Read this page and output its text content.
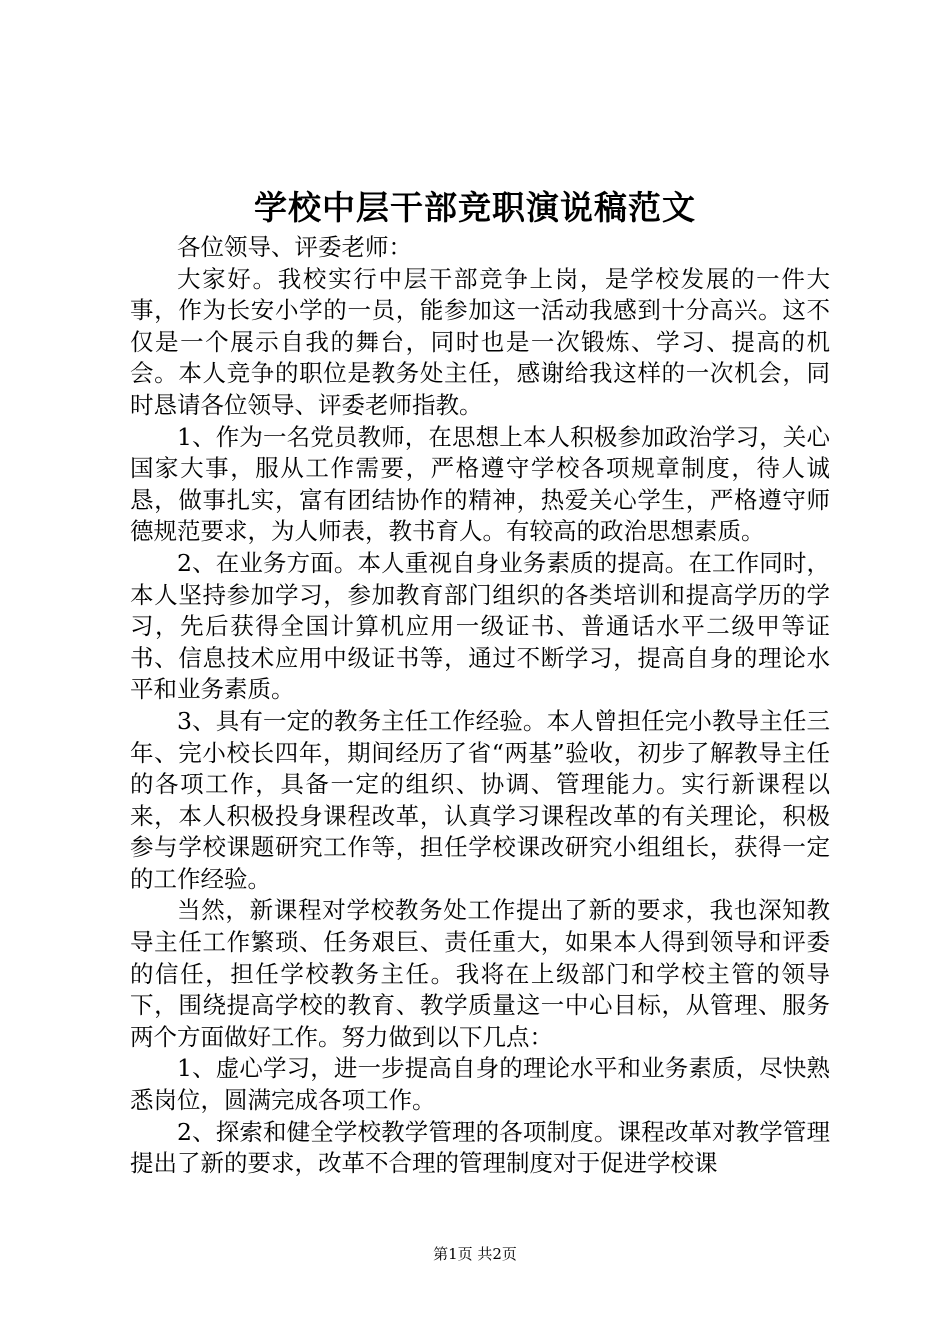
学校中层干部竞职演说稿范文

各位领导、评委老师：

大家好。我校实行中层干部竞争上岗，是学校发展的一件大事，作为长安小学的一员，能参加这一活动我感到十分高兴。这不仅是一个展示自我的舞台，同时也是一次锻炼、学习、提高的机会。本人竞争的职位是教务处主任，感谢给我这样的一次机会，同时恳请各位领导、评委老师指教。

1、作为一名党员教师，在思想上本人积极参加政治学习，关心国家大事，服从工作需要，严格遵守学校各项规章制度，待人诚恳，做事扎实，富有团结协作的精神，热爱关心学生，严格遵守师德规范要求，为人师表，教书育人。有较高的政治思想素质。

2、在业务方面。本人重视自身业务素质的提高。在工作同时，本人坚持参加学习，参加教育部门组织的各类培训和提高学历的学习，先后获得全国计算机应用一级证书、普通话水平二级甲等证书、信息技术应用中级证书等，通过不断学习，提高自身的理论水平和业务素质。

3、具有一定的教务主任工作经验。本人曾担任完小教导主任三年、完小校长四年，期间经历了省“两基”验收，初步了解教导主任的各项工作，具备一定的组织、协调、管理能力。实行新课程以来，本人积极投身课程改革，认真学习课程改革的有关理论，积极参与学校课题研究工作等，担任学校课改研究小组组长，获得一定的工作经验。

当然，新课程对学校教务处工作提出了新的要求，我也深知教导主任工作繁琐、任务艰巨、责任重大，如果本人得到领导和评委的信任，担任学校教务主任。我将在上级部门和学校主管的领导下，围绕提高学校的教育、教学质量这一中心目标，从管理、服务两个方面做好工作。努力做到以下几点：

1、虚心学习，进一步提高自身的理论水平和业务素质，尽快熟悉岗位，圆满完成各项工作。

2、探索和健全学校教学管理的各项制度。课程改革对教学管理提出了新的要求，改革不合理的管理制度对于促进学校课

第1页 共2页
